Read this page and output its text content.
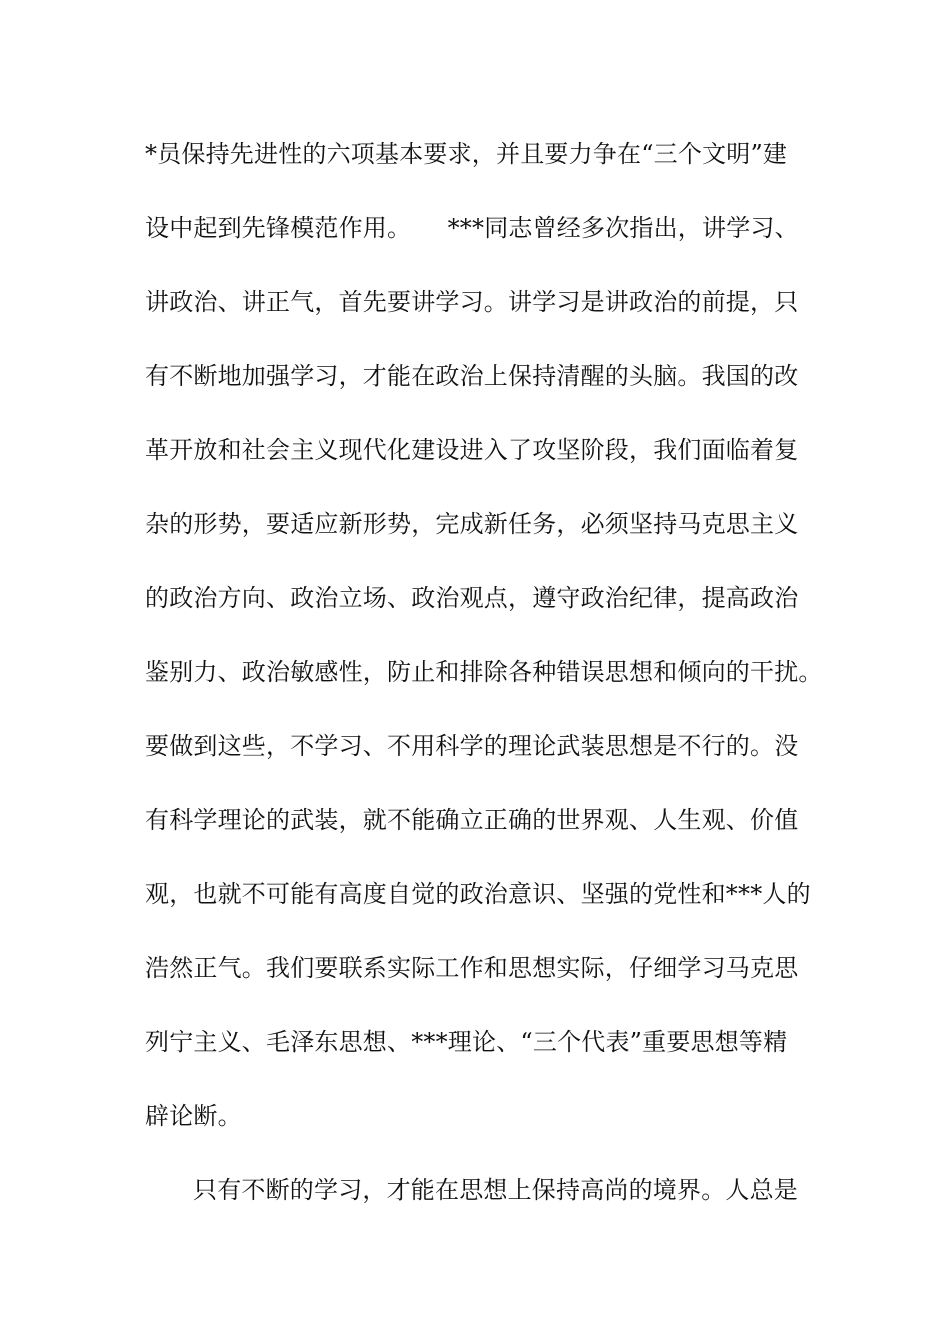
*员保持先进性的六项基本要求，并且要力争在“三个文明”建
设中起到先锋模范作用。　　***同志曾经多次指出，讲学习、
讲政治、讲正气，首先要讲学习。讲学习是讲政治的前提，只
有不断地加强学习，才能在政治上保持清醒的头脑。我国的改
革开放和社会主义现代化建设进入了攻坚阶段，我们面临着复
杂的形势，要适应新形势，完成新任务，必须坚持马克思主义
的政治方向、政治立场、政治观点，遵守政治纪律，提高政治
鉴别力、政治敏感性，防止和排除各种错误思想和倾向的干扰。
要做到这些，不学习、不用科学的理论武装思想是不行的。没
有科学理论的武装，就不能确立正确的世界观、人生观、价值
观，也就不可能有高度自觉的政治意识、坚强的党性和***人的
浩然正气。我们要联系实际工作和思想实际，仔细学习马克思
列宁主义、毛泽东思想、***理论、“三个代表”重要思想等精
辟论断。
只有不断的学习，才能在思想上保持高尚的境界。人总是
